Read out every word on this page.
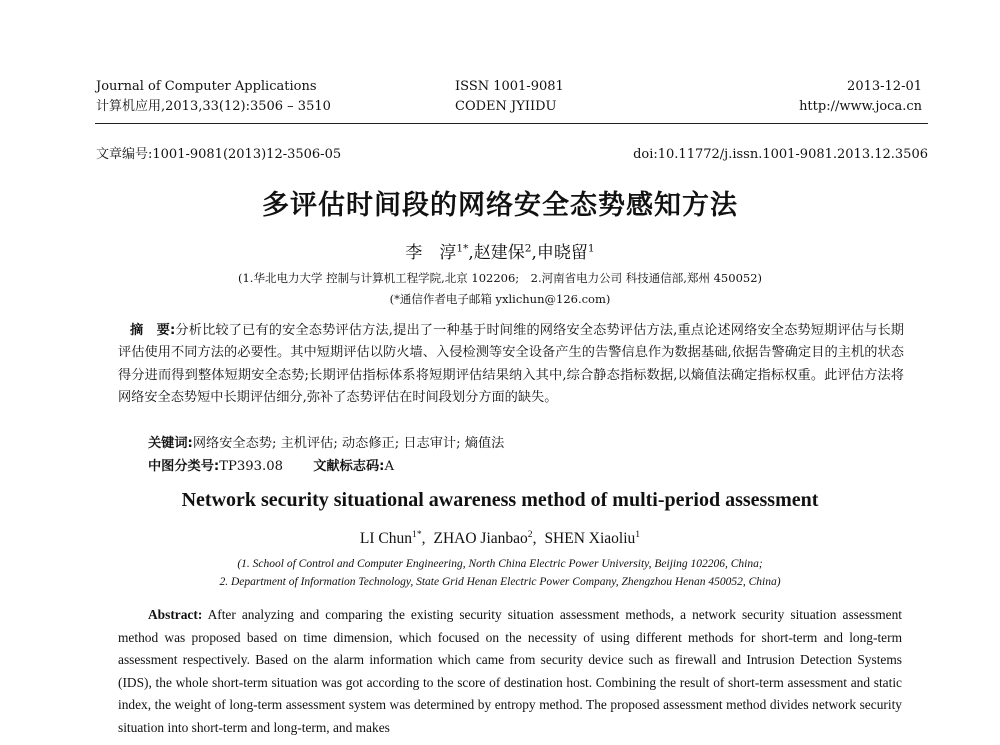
Journal of Computer Applications
计算机应用,2013,33(12):3506 – 3510
ISSN 1001-9081
CODEN JYIIDU
2013-12-01
http://www.joca.cn
文章编号:1001-9081(2013)12-3506-05	doi:10.11772/j.issn.1001-9081.2013.12.3506
多评估时间段的网络安全态势感知方法
李　淳$^{1*}$,赵建保$^2$,申晓留$^1$
(1.华北电力大学 控制与计算机工程学院,北京 102206;　2.河南省电力公司 科技通信部,郑州 450052)
(*通信作者电子邮箱 yxlichun@126.com)
摘　要:分析比较了已有的安全态势评估方法,提出了一种基于时间维的网络安全态势评估方法,重点论述网络安全态势短期评估与长期评估使用不同方法的必要性。其中短期评估以防火墙、入侵检测等安全设备产生的告警信息作为数据基础,依据告警确定目的主机的状态得分进而得到整体短期安全态势;长期评估指标体系将短期评估结果纳入其中,综合静态指标数据,以熵值法确定指标权重。此评估方法将网络安全态势短中长期评估细分,弥补了态势评估在时间段划分方面的缺失。
关键词:网络安全态势; 主机评估; 动态修正; 日志审计; 熵值法
中图分类号:TP393.08 文献标志码:A
Network security situational awareness method of multi-period assessment
LI Chun$^{1*}$, ZHAO Jianbao$^2$, SHEN Xiaoliu$^1$
(1. School of Control and Computer Engineering, North China Electric Power University, Beijing 102206, China;
2. Department of Information Technology, State Grid Henan Electric Power Company, Zhengzhou Henan 450052, China)
Abstract: After analyzing and comparing the existing security situation assessment methods, a network security situation assessment method was proposed based on time dimension, which focused on the necessity of using different methods for short-term and long-term assessment respectively. Based on the alarm information which came from security device such as firewall and Intrusion Detection Systems (IDS), the whole short-term situation was got according to the score of destination host. Combining the result of short-term assessment and static index, the weight of long-term assessment system was determined by entropy method. The proposed assessment method divides network security situation into short-term and long-term, and makes
